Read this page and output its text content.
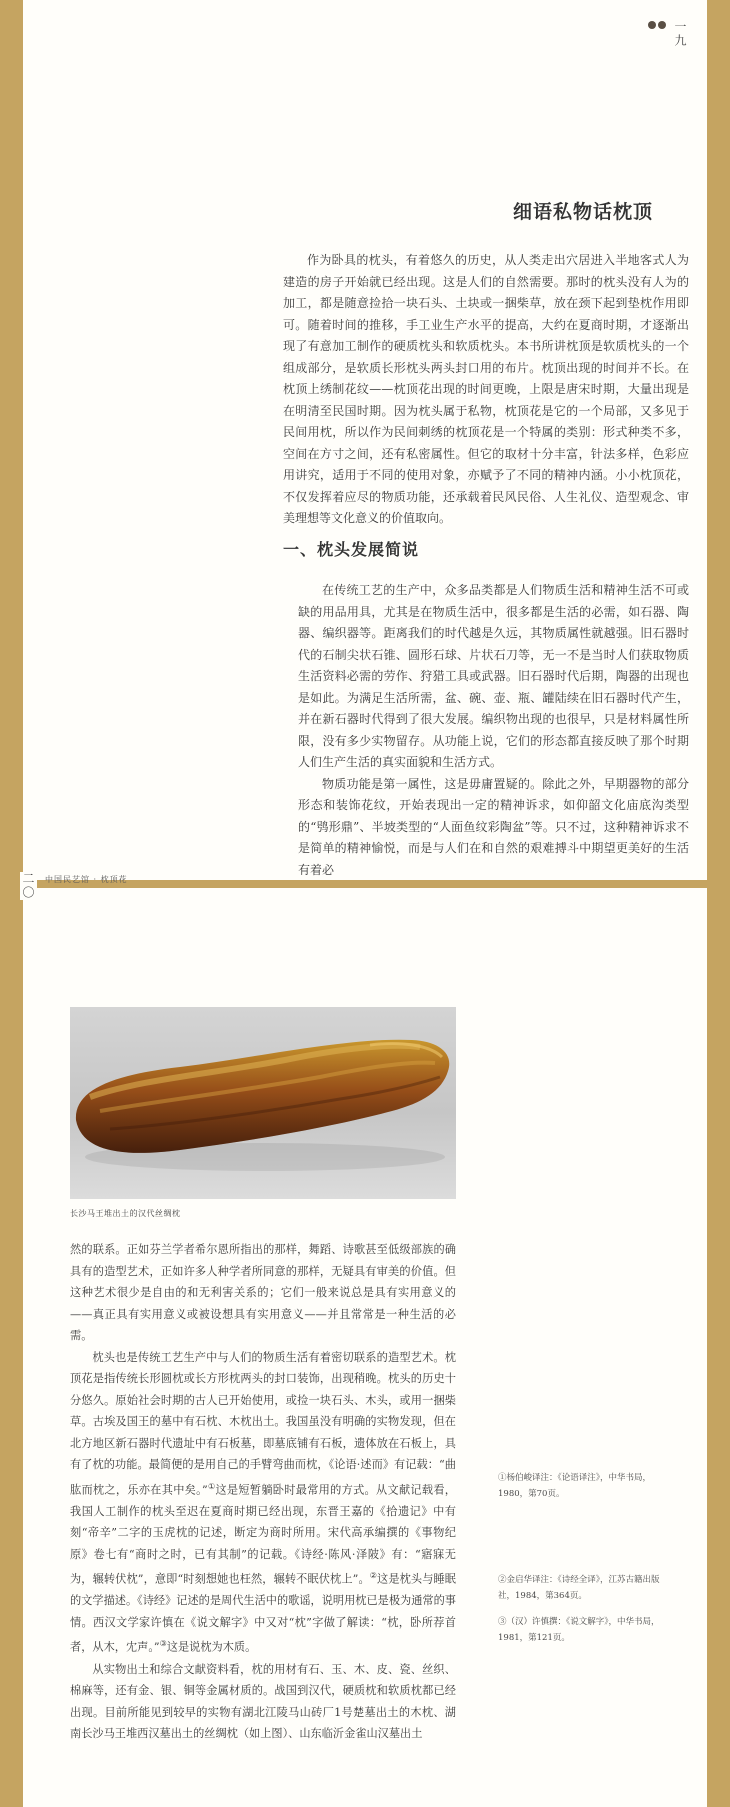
一九
细语私物话枕顶

作为卧具的枕头，有着悠久的历史，从人类走出穴居进入半地客式人为建造的房子开始就已经出现。这是人们的自然需要。那时的枕头没有人为的加工，都是随意捡拾一块石头、土块或一捆柴草，放在颈下起到垫枕作用即可。随着时间的推移，手工业生产水平的提高，大约在夏商时期，才逐渐出现了有意加工制作的硬质枕头和软质枕头。本书所讲枕顶是软质枕头的一个组成部分，是软质长形枕头两头封口用的布片。枕顶出现的时间并不长。在枕顶上绣制花纹——枕顶花出现的时间更晚，上限是唐宋时期，大量出现是在明清至民国时期。因为枕头属于私物，枕顶花是它的一个局部，又多见于民间用枕，所以作为民间刺绣的枕顶花是一个特属的类别：形式种类不多，空间在方寸之间，还有私密属性。但它的取材十分丰富，针法多样，色彩应用讲究，适用于不同的使用对象，亦赋予了不同的精神内涵。小小枕顶花，不仅发挥着应尽的物质功能，还承载着民风民俗、人生礼仪、造型观念、审美理想等文化意义的价值取向。

一、枕头发展简说

在传统工艺的生产中，众多品类都是人们物质生活和精神生活不可或缺的用品用具，尤其是在物质生活中，很多都是生活的必需，如石器、陶器、编织器等。距离我们的时代越是久远，其物质属性就越强。旧石器时代的石制尖状石锥、圆形石球、片状石刀等，无一不是当时人们获取物质生活资料必需的劳作、狩猎工具或武器。旧石器时代后期，陶器的出现也是如此。为满足生活所需，盆、碗、壶、瓶、罐陆续在旧石器时代产生，并在新石器时代得到了很大发展。编织物出现的也很早，只是材料属性所限，没有多少实物留存。从功能上说，它们的形态都直接反映了那个时期人们生产生活的真实面貌和生活方式。

物质功能是第一属性，这是毋庸置疑的。除此之外，早期器物的部分形态和装饰花纹，开始表现出一定的精神诉求，如仰韶文化庙底沟类型的“鸮形鼎”、半坡类型的“人面鱼纹彩陶盆”等。只不过，这种精神诉求不是简单的精神愉悦，而是与人们在和自然的艰难搏斗中期望更美好的生活有着必

二〇 中国民艺馆 · 枕顶花
长沙马王堆出土的汉代丝绸枕

然的联系。正如芬兰学者希尔恩所指出的那样，舞蹈、诗歌甚至低级部族的确具有的造型艺术，正如许多人种学者所同意的那样，无疑具有审美的价值。但这种艺术很少是自由的和无利害关系的；它们一般来说总是具有实用意义的——真正具有实用意义或被设想具有实用意义——并且常常是一种生活的必需。

枕头也是传统工艺生产中与人们的物质生活有着密切联系的造型艺术。枕顶花是指传统长形圆枕或长方形枕两头的封口装饰，出现稍晚。枕头的历史十分悠久。原始社会时期的古人已开始使用，或捡一块石头、木头，或用一捆柴草。古埃及国王的墓中有石枕、木枕出土。我国虽没有明确的实物发现，但在北方地区新石器时代遗址中有石板墓，即墓底铺有石板，遗体放在石板上，具有了枕的功能。最简便的是用自己的手臂弯曲而枕，《论语·述而》有记载：“曲肱而枕之，乐亦在其中矣。”①这是短暂躺卧时最常用的方式。从文献记载看，我国人工制作的枕头至迟在夏商时期已经出现，东晋王嘉的《拾遗记》中有刻“帝辛”二字的玉虎枕的记述，断定为商时所用。宋代高承编撰的《事物纪原》卷七有“商时之时，已有其制”的记载。《诗经·陈风·泽陂》有：“寤寐无为，辗转伏枕”，意即“时刻想她也枉然，辗转不眠伏枕上”。②这是枕头与睡眠的文学描述。《诗经》记述的是周代生活中的歌谣，说明用枕已是极为通常的事情。西汉文学家许慎在《说文解字》中又对“枕”字做了解读：“枕，卧所荐首者，从木，冘声。”③这是说枕为木质。

从实物出土和综合文献资料看，枕的用材有石、玉、木、皮、瓷、丝织、棉麻等，还有金、银、铜等金属材质的。战国到汉代，硬质枕和软质枕都已经出现。目前所能见到较早的实物有湖北江陵马山砖厂1号楚墓出土的木枕、湖南长沙马王堆西汉墓出土的丝绸枕（如上图）、山东临沂金雀山汉墓出土

①杨伯峻译注：《论语译注》，中华书局，1980，第70页。
②金启华译注：《诗经全译》，江苏古籍出版社，1984，第364页。
③（汉）许慎撰：《说文解字》，中华书局，1981，第121页。
